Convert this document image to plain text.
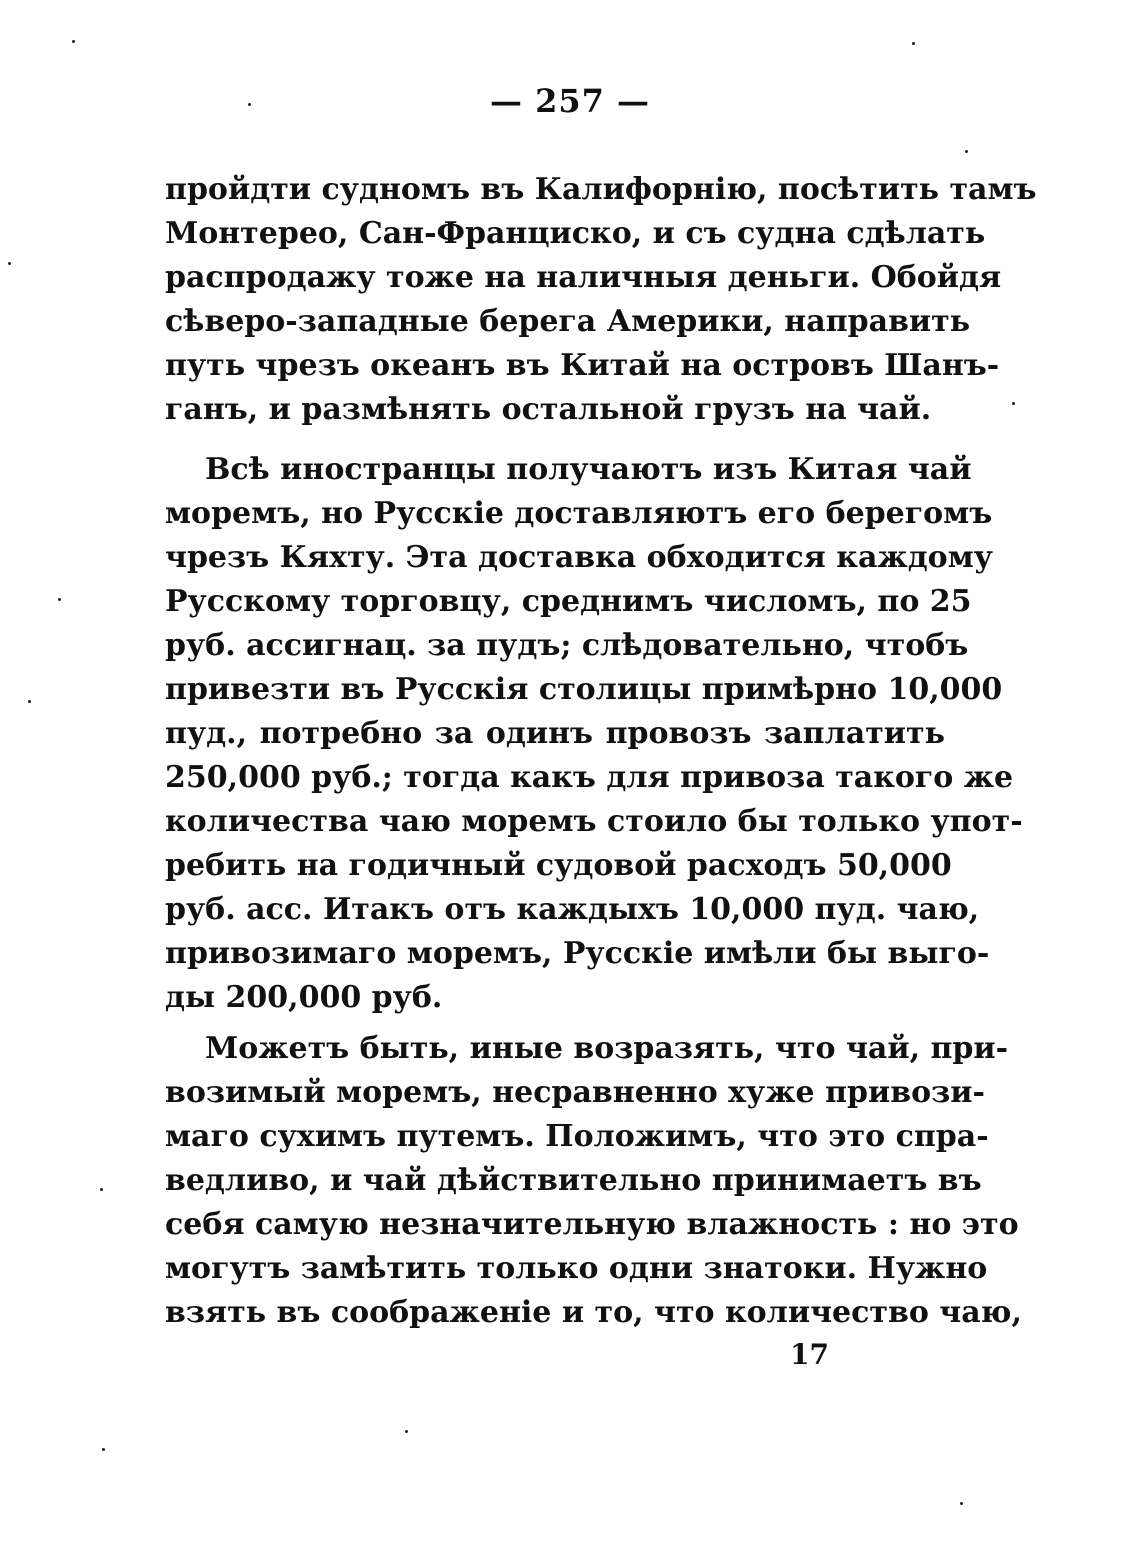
— 257 —
пройдти судномъ въ Калифорнію, посѣтить тамъ
Монтерео, Сан-Франциско, и съ судна сдѣлать
распродажу тоже на наличныя деньги. Обойдя
сѣверо-западные берега Америки, направить
путь чрезъ океанъ въ Китай на островъ Шанъ-
ганъ, и размѣнять остальной грузъ на чай.
Всѣ иностранцы получаютъ изъ Китая чай
моремъ, но Русскіе доставляютъ его берегомъ
чрезъ Кяхту. Эта доставка обходится каждому
Русскому торговцу, среднимъ числомъ, по 25
руб. ассигнац. за пудъ; слѣдовательно, чтобъ
привезти въ Русскія столицы примѣрно 10,000
пуд., потребно за одинъ провозъ заплатить
250,000 руб.; тогда какъ для привоза такого же
количества чаю моремъ стоило бы только упот-
ребить на годичный судовой расходъ 50,000
руб. асс. Итакъ отъ каждыхъ 10,000 пуд. чаю,
привозимаго моремъ, Русскіе имѣли бы выго-
ды 200,000 руб.
Можетъ быть, иные возразять, что чай, при-
возимый моремъ, несравненно хуже привози-
маго сухимъ путемъ. Положимъ, что это спра-
ведливо, и чай дѣйствительно принимаетъ въ
себя самую незначительную влажность : но это
могутъ замѣтить только одни знатоки. Нужно
взять въ соображеніе и то, что количество чаю,
17
